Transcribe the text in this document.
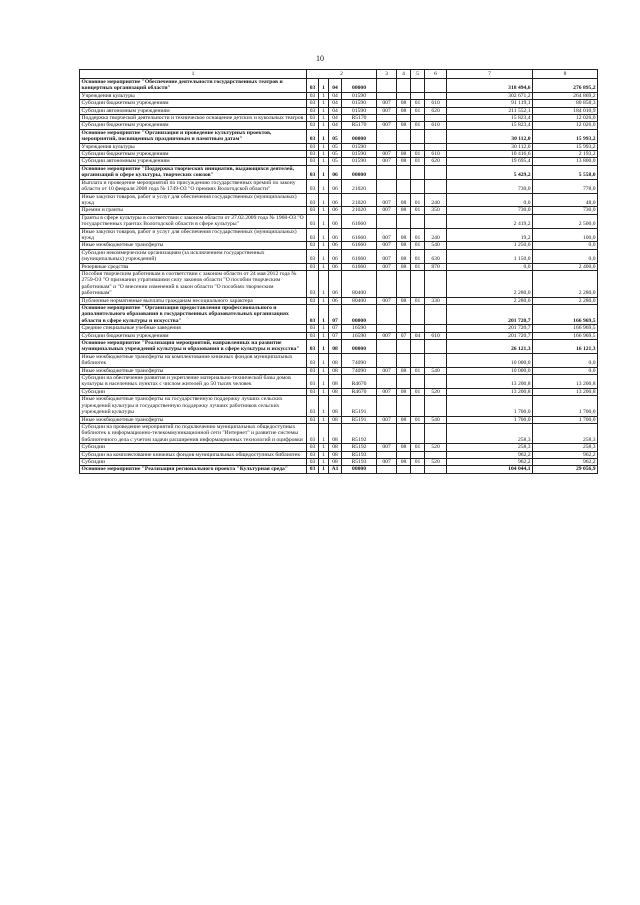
10
1	2				3	4	5	6	7	8
Основное мероприятие "Обеспечение деятельности государственных театров и концертных организаций области"	03	1	04	00000					318 494,6	276 895,2
Учреждения культуры	03	1	04	01590					302 671,2	264 869,2
Субсидии бюджетным учреждениям	03	1	04	01590	007	08	01	610	91 119,1	80 858,3
Субсидии автономным учреждениям	03	1	04	01590	007	08	01	620	211 552,1	184 010,9
Поддержка творческой деятельности и техническое оснащение детских и кукольных театров	03	1	04	R5170					15 823,4	12 026,0
Субсидии бюджетным учреждениям	03	1	04	R5170	007	08	01	610	15 823,4	12 026,0
Основное мероприятие "Организация и проведение культурных проектов, мероприятий, посвященных праздничным и памятным датам"	03	1	05	00000					30 112,0	15 993,2
Учреждения культуры	03	1	05	01590					30 112,0	15 993,2
Субсидии бюджетным учреждениям	03	1	05	01590	007	08	01	610	10 416,6	2 193,2
Субсидии автономным учреждениям	03	1	05	01590	007	08	01	620	19 695,4	13 800,0
Основное мероприятие "Поддержка творческих инициатив, выдающихся деятелей, организаций в сфере культуры, творческих союзов"	03	1	06	00000					5 429,2	5 558,0
Выплата и проведение мероприятий по присуждению государственных премий по закону области от 10 февраля 2008 года № 1749-ОЗ "О премиях Вологодской области"	03	1	06	21020					730,0	778,0
Иные закупки товаров, работ и услуг для обеспечения государственных (муниципальных) нужд	03	1	06	21020	007	08	01	240	0,0	48,0
Премии и гранты	03	1	06	21020	007	08	01	350	730,0	730,0
Гранты в сфере культуры в соответствии с законом области от 27.02.2009 года № 1968-ОЗ "О государственных грантах Вологодской области в сфере культуры"	03	1	06	61660					2 419,2	2 500,0
Иные закупки товаров, работ и услуг для обеспечения государственных (муниципальных) нужд	03	1	06	61660	007	08	01	240	19,2	100,0
Иные межбюджетные трансферты	03	1	06	61660	007	08	01	540	1 250,0	0,0
Субсидии некоммерческим организациям (за исключением государственных (муниципальных) учреждений)	03	1	06	61660	007	08	01	630	1 150,0	0,0
Резервные средства	03	1	06	61660	007	08	01	870	0,0	2 400,0
Пособия творческим работникам в соответствии с законом области от 24 мая 2012 года № 2759-ОЗ "О признании утратившими силу законов области "О пособии творческим работникам" и "О внесении изменений в закон области "О пособиях творческим работникам"	03	1	06	80400					2 280,0	2 280,0
Публичные нормативные выплаты гражданам несоциального характера	03	1	06	80400	007	08	01	330	2 280,0	2 280,0
Основное мероприятие "Организация предоставления профессионального и дополнительного образования в государственных образовательных организациях области в сфере культуры и искусства"	03	1	07	00000					201 720,7	166 969,5
Средние специальные учебные заведения	03	1	07	16590					201 720,7	166 969,5
Субсидии бюджетным учреждениям	03	1	07	16590	007	07	04	610	201 720,7	166 969,5
Основное мероприятие "Реализация мероприятий, направленных на развитие муниципальных учреждений культуры и образования в сфере культуры и искусства"	03	1	08	00000					26 121,3	16 121,3
Иные межбюджетные трансферты на комплектование книжных фондов муниципальных библиотек	03	1	08	74090					10 000,0	0,0
Иные межбюджетные трансферты	03	1	08	74090	007	08	01	540	10 000,0	0,0
Субсидии на обеспечение развития и укрепление материально-технической базы домов культуры в населенных пунктах с числом жителей до 50 тысяч человек	03	1	08	R4670					13 200,8	13 200,8
Субсидии	03	1	08	R4670	007	08	01	520	13 200,8	13 200,8
Иные межбюджетные трансферты на государственную поддержку лучших сельских учреждений культуры и государственную поддержку лучших работников сельских учреждений культуры	03	1	08	R5191					1 700,0	1 700,0
Иные межбюджетные трансферты	03	1	08	R5191	007	08	01	540	1 700,0	1 700,0
Субсидии на проведение мероприятий по подключению муниципальных общедоступных библиотек к информационно-телекоммуникационной сети "Интернет" и развитие системы библиотечного дела с учетом задачи расширения информационных технологий и оцифровки	03	1	08	R5192					258,3	258,3
Субсидии	03	1	08	R5192	007	08	01	520	258,3	258,3
Субсидии на комплектование книжных фондов муниципальных общедоступных библиотек	03	1	08	R5193					962,2	962,2
Субсидии	03	1	08	R5193	007	08	01	520	962,2	962,2
Основное мероприятие "Реализация регионального проекта "Культурная среда"	03	1	A1	00000					104 044,1	29 056,9
